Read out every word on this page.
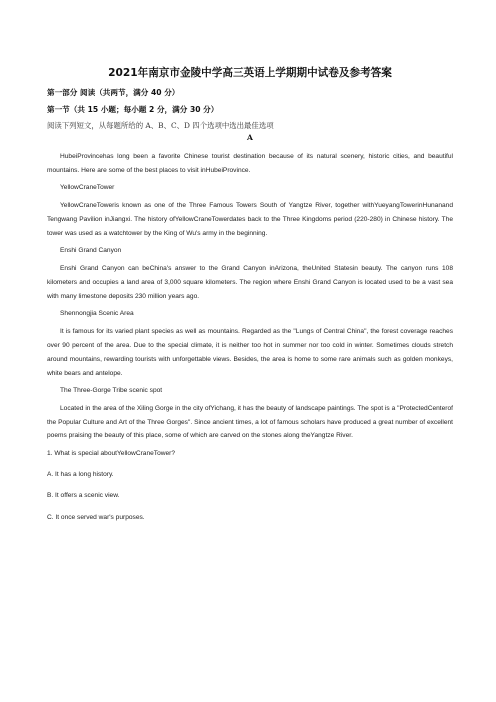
2021年南京市金陵中学高三英语上学期期中试卷及参考答案
第一部分 阅读（共两节，满分 40 分）
第一节（共 15 小题；每小题 2 分，满分 30 分）
阅读下列短文，从每题所给的 A、B、C、D 四个选项中选出最佳选项
A

HubeiProvincehas long been a favorite Chinese tourist destination because of its natural scenery, historic cities, and beautiful mountains. Here are some of the best places to visit inHubeiProvince.

YellowCraneTower

YellowCraneToweris known as one of the Three Famous Towers South of Yangtze River, together withYueyangTowerinHunanand Tengwang Pavilion inJiangxi. The history ofYellowCraneTowerdates back to the Three Kingdoms period (220-280) in Chinese history. The tower was used as a watchtower by the King of Wu's army in the beginning.

Enshi Grand Canyon

Enshi Grand Canyon can beChina's answer to the Grand Canyon inArizona, theUnited Statesin beauty. The canyon runs 108 kilometers and occupies a land area of 3,000 square kilometers. The region where Enshi Grand Canyon is located used to be a vast sea with many limestone deposits 230 million years ago.

Shennongjia Scenic Area

It is famous for its varied plant species as well as mountains. Regarded as the "Lungs of Central China", the forest coverage reaches over 90 percent of the area. Due to the special climate, it is neither too hot in summer nor too cold in winter. Sometimes clouds stretch around mountains, rewarding tourists with unforgettable views. Besides, the area is home to some rare animals such as golden monkeys, white bears and antelope.

The Three-Gorge Tribe scenic spot

Located in the area of the Xiling Gorge in the city ofYichang, it has the beauty of landscape paintings. The spot is a "ProtectedCenterof the Popular Culture and Art of the Three Gorges". Since ancient times, a lot of famous scholars have produced a great number of excellent poems praising the beauty of this place, some of which are carved on the stones along theYangtze River.

1. What is special aboutYellowCraneTower?
A. It has a long history.
B. It offers a scenic view.
C. It once served war's purposes.
